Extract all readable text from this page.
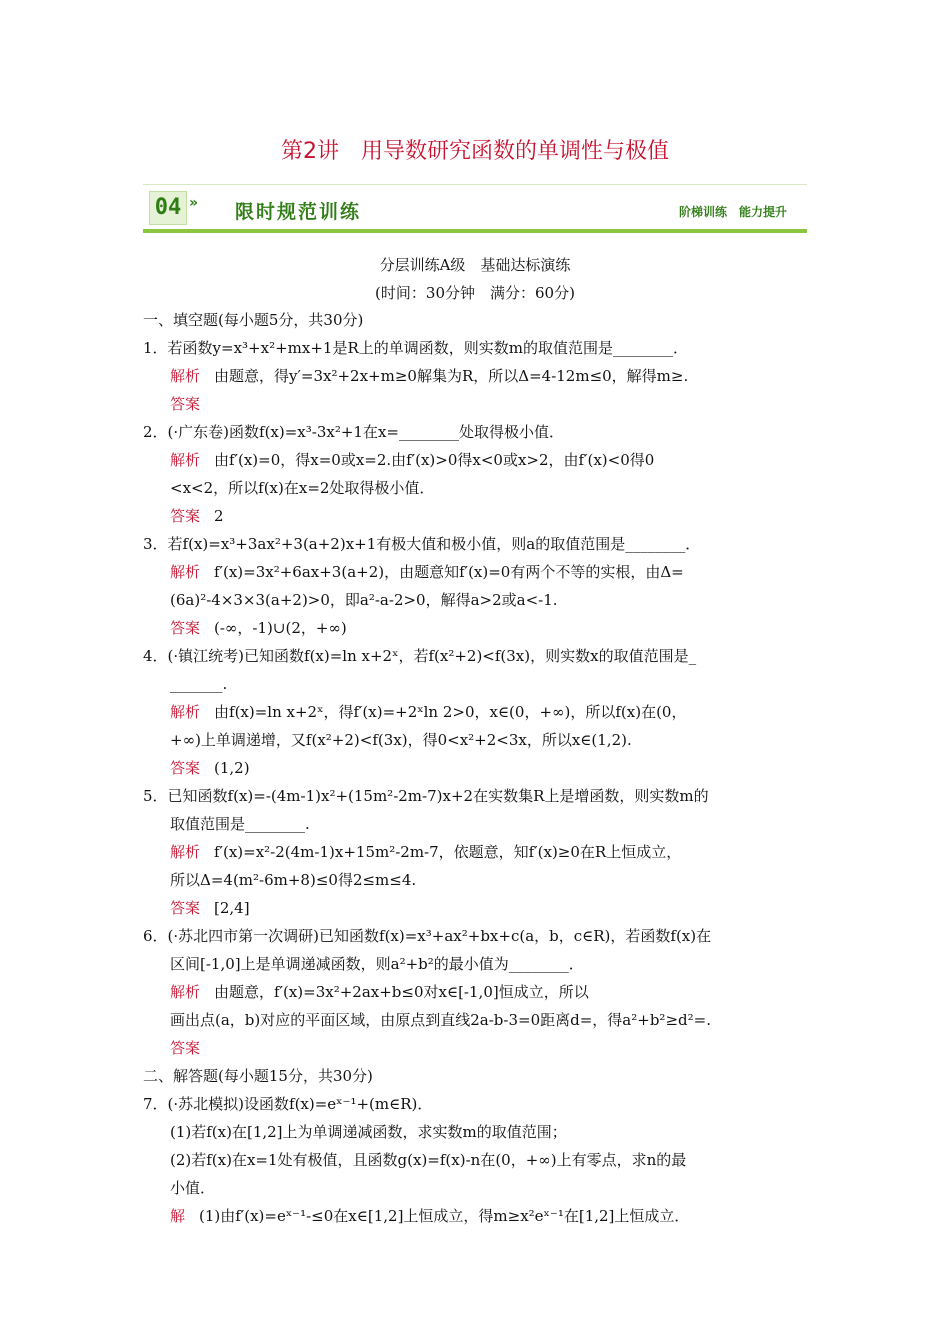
第2讲　用导数研究函数的单调性与极值
04 » 限时规范训练	阶梯训练　能力提升
分层训练A级　基础达标演练
(时间：30分钟　满分：60分)
一、填空题(每小题5分，共30分)
1．若函数y=x³+x²+mx+1是R上的单调函数，则实数m的取值范围是________．
解析 由题意，得y′=3x²+2x+m≥0解集为R，所以Δ=4-12m≤0，解得m≥.
答案
2．(·广东卷)函数f(x)=x³-3x²+1在x=________处取得极小值．
解析 由f′(x)=0，得x=0或x=2.由f′(x)>0得x<0或x>2，由f′(x)<0得0
<x<2，所以f(x)在x=2处取得极小值．
答案 2
3．若f(x)=x³+3ax²+3(a+2)x+1有极大值和极小值，则a的取值范围是________．
解析 f′(x)=3x²+6ax+3(a+2)，由题意知f′(x)=0有两个不等的实根，由Δ=
(6a)²-4×3×3(a+2)>0，即a²-a-2>0，解得a>2或a<-1.
答案 (-∞，-1)∪(2，+∞)
4．(·镇江统考)已知函数f(x)=ln x+2ˣ，若f(x²+2)<f(3x)，则实数x的取值范围是_
_______.
解析 由f(x)=ln x+2ˣ，得f′(x)=+2ˣln 2>0，x∈(0，+∞)，所以f(x)在(0，
+∞)上单调递增，又f(x²+2)<f(3x)，得0<x²+2<3x，所以x∈(1,2).
答案 (1,2)
5．已知函数f(x)=-(4m-1)x²+(15m²-2m-7)x+2在实数集R上是增函数，则实数m的
取值范围是________.
解析 f′(x)=x²-2(4m-1)x+15m²-2m-7，依题意，知f′(x)≥0在R上恒成立，
所以Δ=4(m²-6m+8)≤0得2≤m≤4.
答案 [2,4]
6．(·苏北四市第一次调研)已知函数f(x)=x³+ax²+bx+c(a，b，c∈R)，若函数f(x)在
区间[-1,0]上是单调递减函数，则a²+b²的最小值为________．
解析 由题意，f′(x)=3x²+2ax+b≤0对x∈[-1,0]恒成立，所以
画出点(a，b)对应的平面区域，由原点到直线2a-b-3=0距离d=，得a²+b²≥d²=.
答案
二、解答题(每小题15分，共30分)
7．(·苏北模拟)设函数f(x)=eˣ⁻¹+(m∈R)．
(1)若f(x)在[1,2]上为单调递减函数，求实数m的取值范围；
(2)若f(x)在x=1处有极值，且函数g(x)=f(x)-n在(0，+∞)上有零点，求n的最
小值．
解 (1)由f′(x)=eˣ⁻¹-≤0在x∈[1,2]上恒成立，得m≥x²eˣ⁻¹在[1,2]上恒成立．
